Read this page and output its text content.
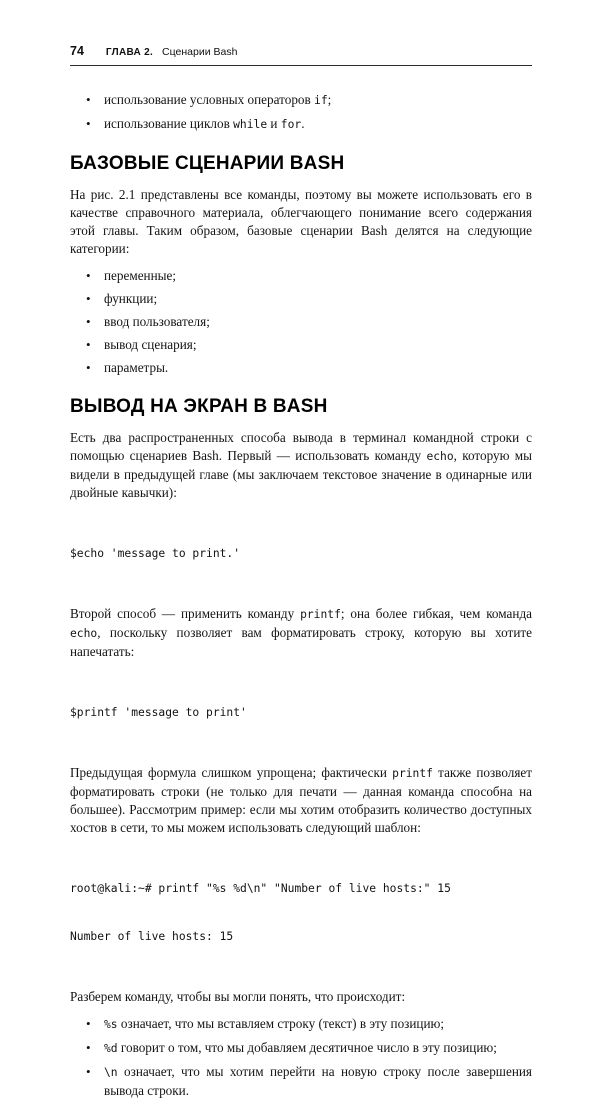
74 ГЛАВА 2. Сценарии Bash
• использование условных операторов if;
• использование циклов while и for.
БАЗОВЫЕ СЦЕНАРИИ BASH

На рис. 2.1 представлены все команды, поэтому вы можете использовать его в качестве справочного материала, облегчающего понимание всего содержания этой главы. Таким образом, базовые сценарии Bash делятся на следующие категории:

• переменные;
• функции;
• ввод пользователя;
• вывод сценария;
• параметры.
ВЫВОД НА ЭКРАН В BASH

Есть два распространенных способа вывода в терминал командной строки с помощью сценариев Bash. Первый — использовать команду echo, которую мы видели в предыдущей главе (мы заключаем текстовое значение в одинарные или двойные кавычки):

$echo 'message to print.'

Второй способ — применить команду printf; она более гибкая, чем команда echo, поскольку позволяет вам форматировать строку, которую вы хотите напечатать:

$printf 'message to print'

Предыдущая формула слишком упрощена; фактически printf также позволяет форматировать строки (не только для печати — данная команда способна на большее). Рассмотрим пример: если мы хотим отобразить количество доступных хостов в сети, то мы можем использовать следующий шаблон:

root@kali:~# printf "%s %d\n" "Number of live hosts:" 15

Number of live hosts: 15

Разберем команду, чтобы вы могли понять, что происходит:

• %s означает, что мы вставляем строку (текст) в эту позицию;
• %d говорит о том, что мы добавляем десятичное число в эту позицию;
• \n означает, что мы хотим перейти на новую строку после завершения вывода строки.
